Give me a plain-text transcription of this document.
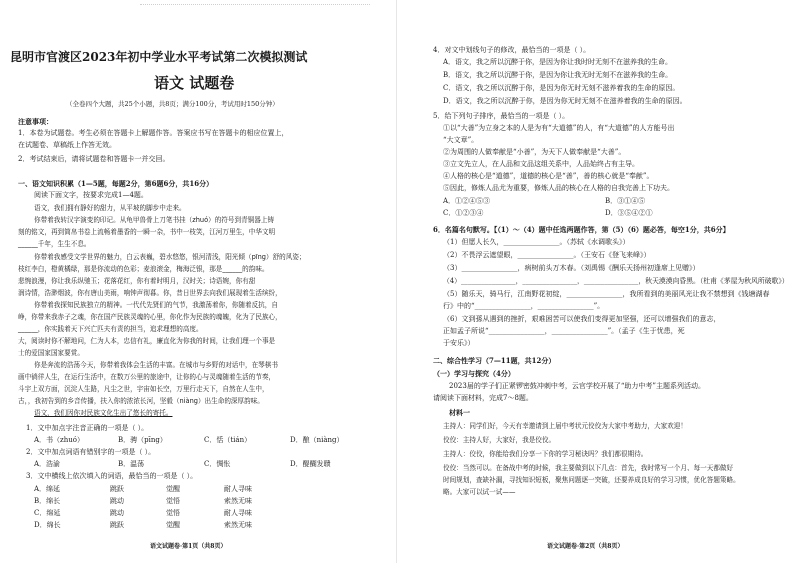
昆明市官渡区2023年初中学业水平考试第二次模拟测试
语文 试题卷
（全卷四个大题，共25个小题，共8页；满分100分，考试用时150分钟）
注意事项：
1．本卷为试题卷。考生必须在答题卡上解题作答。答案应书写在答题卡的相应位置上，
在试题卷、草稿纸上作答无效。
2．考试结束后，请将试题卷和答题卡一并交回。
一、语文知识积累（1—5题，每题2分，第6题6分，共16分）
阅读下面文字，按要求完成1—4题。
语文，我们拥有静好的甜力，从平坡的脚步中走来。
你带着我转汉字演变的印记。从龟甲兽骨上刀笔书挂（zhuó）的符号到青铜器上铸
刻的铭文，再到简帛书卷上流畅着墨香的一瞬一杂，书中一枝笑，江河万里生，中华文明
______千年，生生不息。
你带着我感受文学世界的魅力，白云表巍，碧水悠悠，银河清浅，阳光倾（pīng）舒的风姿；
枝红李白，橙黄橘绿，那是你流动的色彩；麦浪滚金，梅海泛银，那是______的韵味。
悲惋浪漫，你让我乐纵驰玉；花落花红，你有着时明月，汉时关；诗语婉，你有甜
润诗情，浩渺烟波，你有唐山美雨，响钟声彻暮。你，昔日世界去向我们展现着生活缤纷，
你带着我探知民族独立的精神。一代代先贤们的气节，我激荡着你，你随着反抗，自
峥，你带来我赤子之魂，你在国产民族灵魂的心里，你化作为民族的魂魄，化为了民族心，
______，你实践着天下兴亡匹夫有责的担当，追求理想的高度。
大，阅读时你不解地问，仁为人本，忠信有礼，廉直化为你我的时间，让我们理一个事是
士的爱国家国家要赏。
你是奔流的浩荡今天，你带着我体会生活的丰富。在城市与乡野的对话中，在琴棋书
画中徜徉人生，在运行生活中，在数万公里的旅途中，让你的心与灵魂随着生活的节奏，
斗宇上双方面，沉淀人生路，凡尘之世，宇宙如长空，万里行走天下，自然在人生中，
古，，我初告到的乡音传播，扶入你的浓浓长河，坚毅（niàng）出生命的深厚韵味。
语文，我们因你对民族文化生出了悠长的寄托。
1．文中加点字注音正确的一项是（ ）。
A．书（zhuó）	B．骋（pīng）	C．恬（tián）	D．酿（niàng）
2．文中加点词语有错别字的一项是（ ）。
A．浩渝	B．温荡	C．惆怅	D．醍醐发聩
3．文中横线上依次填入的词语，最恰当的一项是（ ）。
A．绵延	跳跃	觉醒	耐人寻味
B．绵长	跳动	觉悟	索然无味
C．绵延	跳动	觉悟	耐人寻味
D．绵长	跳跃	觉醒	索然无味
语文试题卷·第1页（共8页）
4．对文中划线句子的修改，最恰当的一项是（ ）。
A．语文，我之所以沉醉于你，是因为你让我时时无刻不在滋养我的生命。
B．语文，我之所以沉醉于你，是因为你让我无时无刻不在滋养我的生命。
C．语文，我之所以沉醉于你，是因为你无时无刻不滋养着我的生命的原因。
D．语文，我之所以沉醉于你，是因为你无时无刻不在滋养着我的生命的原因。
5．给下列句子排序，最恰当的一项是（ ）。
①以“大善”为立身之本的人是为有“大道德”的人，有“大道德”的人方能号出
“大文章”。
②为周围的人做奉献是“小善”，为天下人做奉献是“大善”。
③立文先立人，在人品和文品这组关系中，人品始终占有主导。
④人格的核心是“道德”，道德的核心是“善”，善的核心就是“奉献”。
⑤因此，修炼人品尤为重要，修炼人品的核心在人格的自我完善上下功夫。
A．①②④⑤③	B．③①④⑤
C．①②③④	D．③⑤④②①
6．名篇名句默写。【（1）～（4）题中任选两题作答，第（5）（6）题必答，每空1分，共6分】
（1）但愿人长久，________________。（苏轼《水调歌头》）
（2）不畏浮云遮望眼，________________。（王安石《登飞来峰》）
（3）________________，病树前头万木春。（刘禹锡《酬乐天扬州初逢席上见赠》）
（4）________________，________________，________________，秋天漠漠向昏黑。（杜甫《茅屋为秋风所破歌》）
（5）随乐天，骑马行，江南野花初绽，________________，我所看到的美丽风光让我不禁想到《钱塘湖春
行》中的“________________，________________”。
（6）文到孫从遇到的挫折，艰难困苦可以使我们变得更加坚强，还可以增强我们的意志，
正如孟子所说“________________，________________”。（孟子《生于忧患，死
于安乐》）
二、综合性学习（7—11题，共12分）
（一）学习与探究（4分）
2023届的学子们正紧锣密鼓冲刺中考，云官学校开展了“助力中考”主题系列活动。
请阅读下面材料，完成7～8题。
材料一
主持人：同学们好，今天有幸邀请到上届中考状元佼佼为大家中考助力，大家欢迎！
佼佼：主持人好，大家好，我是佼佼。
主持人：佼佼，你能给我们分享一下你的学习秘诀吗？我们都很期待。
佼佼：当然可以。在备战中考的时候，我主要做到以下几点：首先，我时常写一个月、每一天都做好
时间规划，查缺补漏，寻找知识短板，聚焦问题逐一突破，还要养成良好的学习习惯，优化答题策略。
略。大家可以试一试——
语文试题卷·第2页（共8页）
